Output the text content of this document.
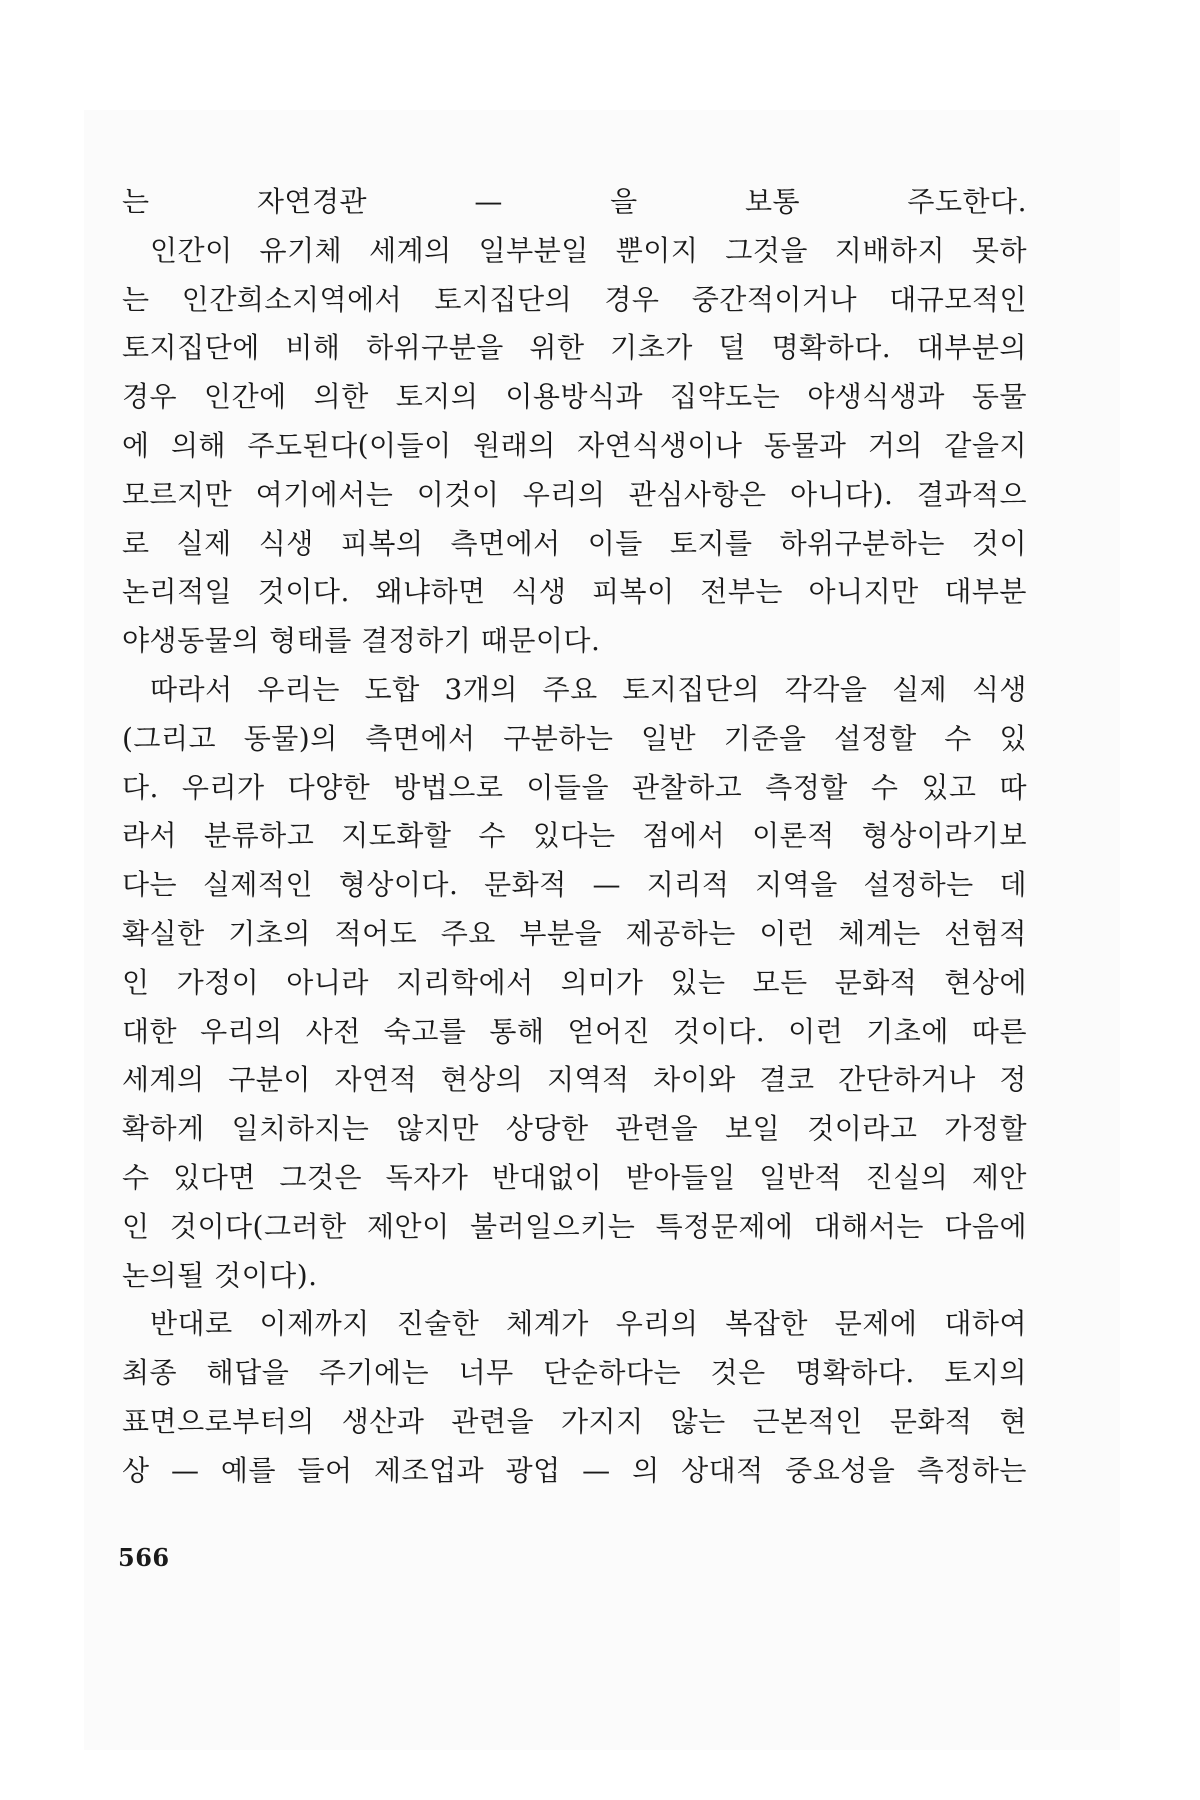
는 자연경관 — 을 보통 주도한다.
인간이 유기체 세계의 일부분일 뿐이지 그것을 지배하지 못하
는 인간희소지역에서 토지집단의 경우 중간적이거나 대규모적인
토지집단에 비해 하위구분을 위한 기초가 덜 명확하다. 대부분의
경우 인간에 의한 토지의 이용방식과 집약도는 야생식생과 동물
에 의해 주도된다(이들이 원래의 자연식생이나 동물과 거의 같을지
모르지만 여기에서는 이것이 우리의 관심사항은 아니다). 결과적으
로 실제 식생 피복의 측면에서 이들 토지를 하위구분하는 것이
논리적일 것이다. 왜냐하면 식생 피복이 전부는 아니지만 대부분
야생동물의 형태를 결정하기 때문이다.
따라서 우리는 도합 3개의 주요 토지집단의 각각을 실제 식생
(그리고 동물)의 측면에서 구분하는 일반 기준을 설정할 수 있
다. 우리가 다양한 방법으로 이들을 관찰하고 측정할 수 있고 따
라서 분류하고 지도화할 수 있다는 점에서 이론적 형상이라기보
다는 실제적인 형상이다. 문화적 — 지리적 지역을 설정하는 데
확실한 기초의 적어도 주요 부분을 제공하는 이런 체계는 선험적
인 가정이 아니라 지리학에서 의미가 있는 모든 문화적 현상에
대한 우리의 사전 숙고를 통해 얻어진 것이다. 이런 기초에 따른
세계의 구분이 자연적 현상의 지역적 차이와 결코 간단하거나 정
확하게 일치하지는 않지만 상당한 관련을 보일 것이라고 가정할
수 있다면 그것은 독자가 반대없이 받아들일 일반적 진실의 제안
인 것이다(그러한 제안이 불러일으키는 특정문제에 대해서는 다음에
논의될 것이다).
반대로 이제까지 진술한 체계가 우리의 복잡한 문제에 대하여
최종 해답을 주기에는 너무 단순하다는 것은 명확하다. 토지의
표면으로부터의 생산과 관련을 가지지 않는 근본적인 문화적 현
상 — 예를 들어 제조업과 광업 — 의 상대적 중요성을 측정하는
566
